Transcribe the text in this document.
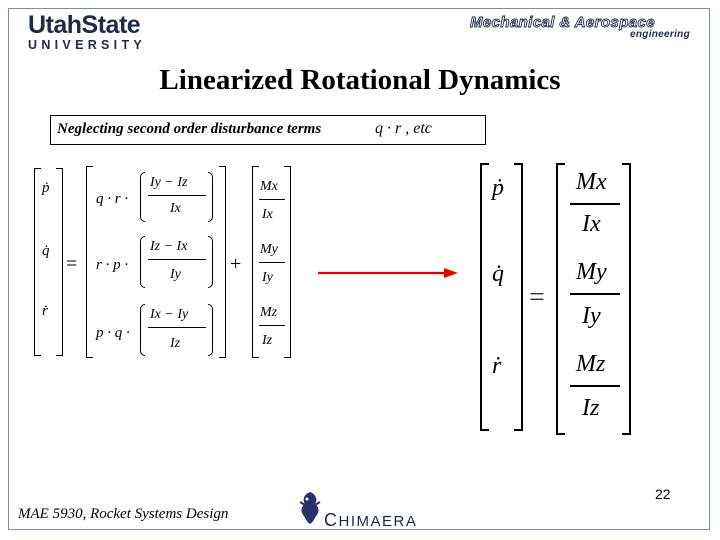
UtahState
UNIVERSITY
Mechanical & Aerospace
engineering
Linearized Rotational Dynamics
Neglecting second order disturbance terms	q · r , etc
ṗ
q̇
ṙ
=
q · r ·
Iy − Iz
Ix
r · p ·
Iz − Ix
Iy
p · q ·
Ix − Iy
Iz
+
Mx
Ix
My
Iy
Mz
Iz
ṗ
q̇
ṙ
=
Mx
Ix
My
Iy
Mz
Iz
22
MAE 5930, Rocket Systems Design	CHIMAERA
